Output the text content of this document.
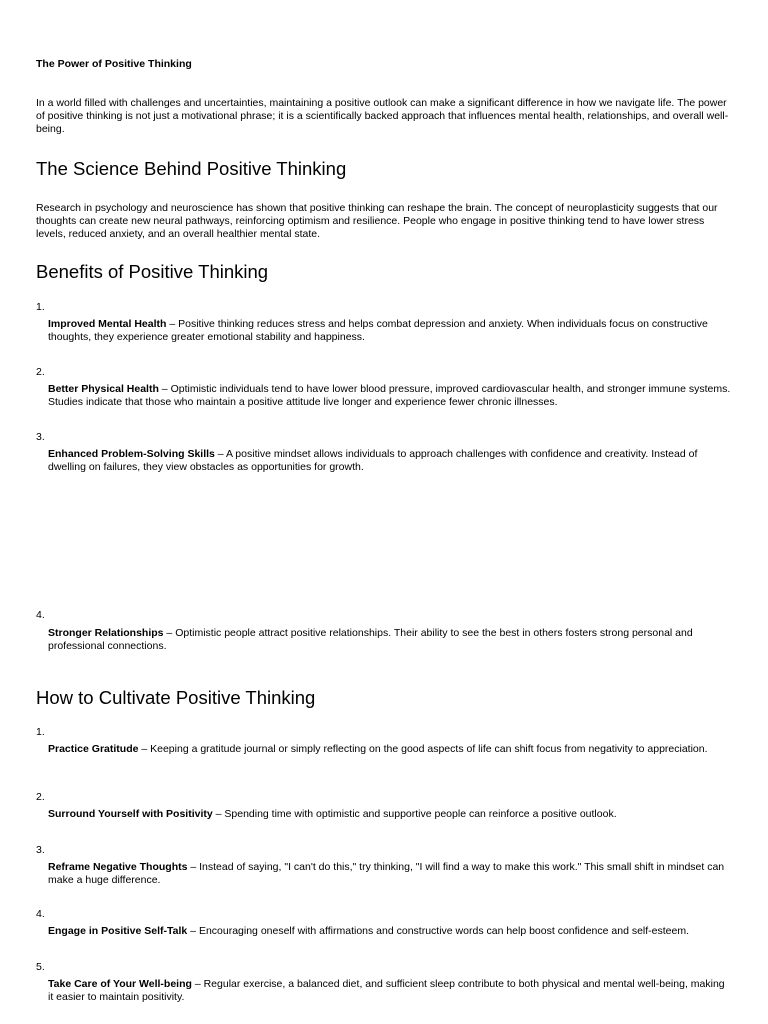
The Power of Positive Thinking

In a world filled with challenges and uncertainties, maintaining a positive outlook can make a significant difference in how we navigate life. The power of positive thinking is not just a motivational phrase; it is a scientifically backed approach that influences mental health, relationships, and overall well-being.

The Science Behind Positive Thinking

Research in psychology and neuroscience has shown that positive thinking can reshape the brain. The concept of neuroplasticity suggests that our thoughts can create new neural pathways, reinforcing optimism and resilience. People who engage in positive thinking tend to have lower stress levels, reduced anxiety, and an overall healthier mental state.

Benefits of Positive Thinking
1.

Improved Mental Health – Positive thinking reduces stress and helps combat depression and anxiety. When individuals focus on constructive thoughts, they experience greater emotional stability and happiness.

2.

Better Physical Health – Optimistic individuals tend to have lower blood pressure, improved cardiovascular health, and stronger immune systems. Studies indicate that those who maintain a positive attitude live longer and experience fewer chronic illnesses.

3.

Enhanced Problem-Solving Skills – A positive mindset allows individuals to approach challenges with confidence and creativity. Instead of dwelling on failures, they view obstacles as opportunities for growth.

4.

Stronger Relationships – Optimistic people attract positive relationships. Their ability to see the best in others fosters strong personal and professional connections.

How to Cultivate Positive Thinking
1.

Practice Gratitude – Keeping a gratitude journal or simply reflecting on the good aspects of life can shift focus from negativity to appreciation.

2.

Surround Yourself with Positivity – Spending time with optimistic and supportive people can reinforce a positive outlook.

3.

Reframe Negative Thoughts – Instead of saying, "I can't do this," try thinking, "I will find a way to make this work." This small shift in mindset can make a huge difference.

4.

Engage in Positive Self-Talk – Encouraging oneself with affirmations and constructive words can help boost confidence and self-esteem.

5.

Take Care of Your Well-being – Regular exercise, a balanced diet, and sufficient sleep contribute to both physical and mental well-being, making it easier to maintain positivity.
